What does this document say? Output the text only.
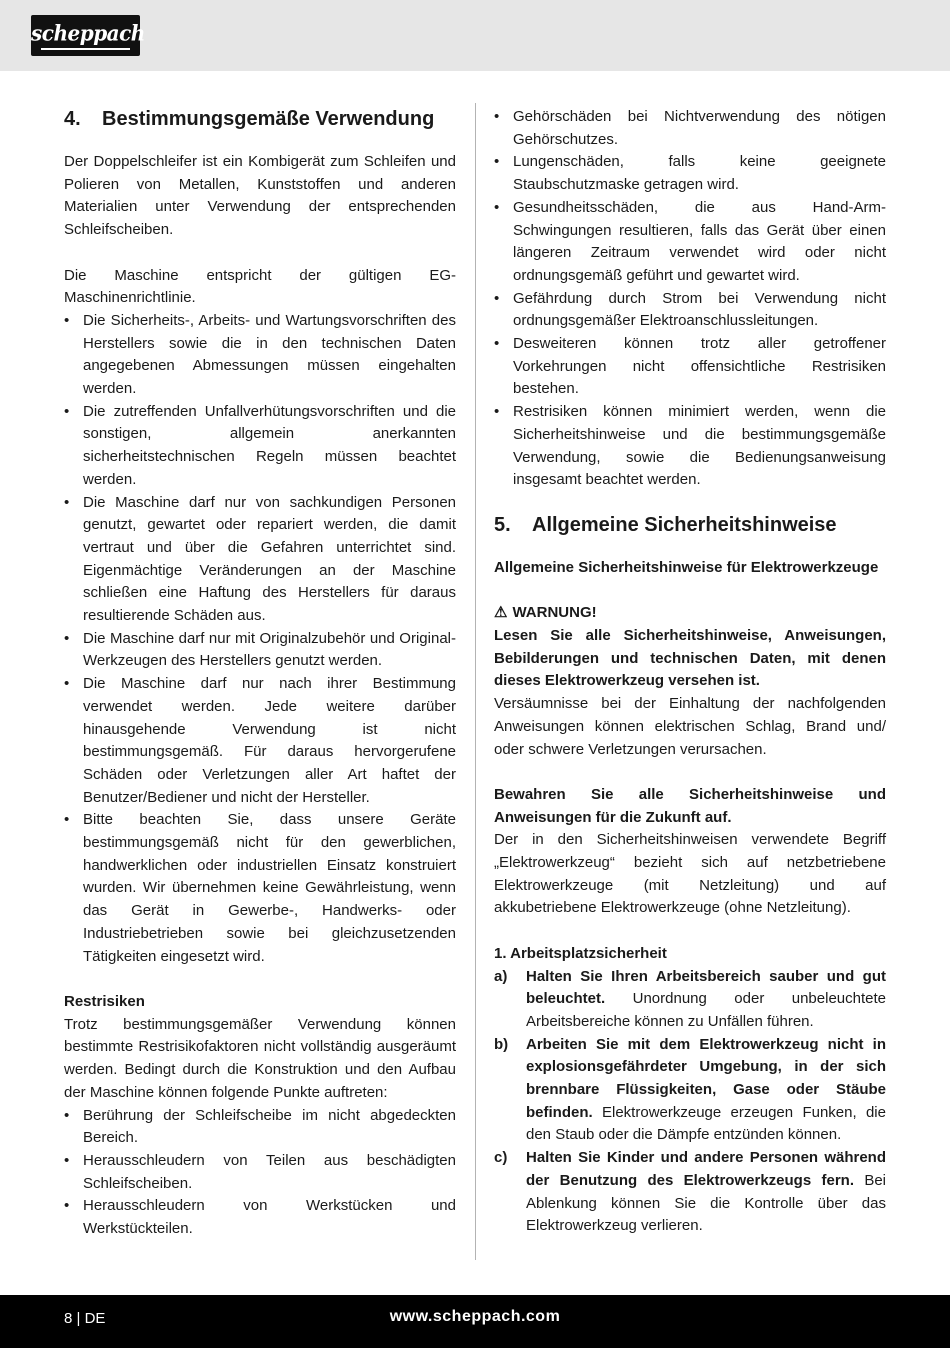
scheppach
4.	Bestimmungsgemäße Verwendung

Der Doppelschleifer ist ein Kombigerät zum Schleifen und Polieren von Metallen, Kunststoffen und anderen Materialien unter Verwendung der entsprechenden Schleifscheiben.

Die Maschine entspricht der gültigen EG-Maschinenrichtlinie.

• Die Sicherheits-, Arbeits- und Wartungsvorschriften des Herstellers sowie die in den technischen Daten angegebenen Abmessungen müssen eingehalten werden.
• Die zutreffenden Unfallverhütungsvorschriften und die sonstigen, allgemein anerkannten sicherheitstechnischen Regeln müssen beachtet werden.
• Die Maschine darf nur von sachkundigen Personen genutzt, gewartet oder repariert werden, die damit vertraut und über die Gefahren unterrichtet sind. Eigenmächtige Veränderungen an der Maschine schließen eine Haftung des Herstellers für daraus resultierende Schäden aus.
• Die Maschine darf nur mit Originalzubehör und Original- Werkzeugen des Herstellers genutzt werden.
• Die Maschine darf nur nach ihrer Bestimmung verwendet werden. Jede weitere darüber hinausgehende Verwendung ist nicht bestimmungsgemäß. Für daraus hervorgerufene Schäden oder Verletzungen aller Art haftet der Benutzer/Bediener und nicht der Hersteller.
• Bitte beachten Sie, dass unsere Geräte bestimmungsgemäß nicht für den gewerblichen, handwerklichen oder industriellen Einsatz konstruiert wurden. Wir übernehmen keine Gewährleistung, wenn das Gerät in Gewerbe-, Handwerks- oder Industriebetrieben sowie bei gleichzusetzenden Tätigkeiten eingesetzt wird.

Restrisiken

Trotz bestimmungsgemäßer Verwendung können bestimmte Restrisikofaktoren nicht vollständig ausgeräumt werden. Bedingt durch die Konstruktion und den Aufbau der Maschine können folgende Punkte auftreten:

• Berührung der Schleifscheibe im nicht abgedeckten Bereich.
• Herausschleudern von Teilen aus beschädigten Schleifscheiben.
• Herausschleudern von Werkstücken und Werkstückteilen.
• Gehörschäden bei Nichtverwendung des nötigen Gehörschutzes.
• Lungenschäden, falls keine geeignete Staubschutzmaske getragen wird.
• Gesundheitsschäden, die aus Hand-Arm- Schwingungen resultieren, falls das Gerät über einen längeren Zeitraum verwendet wird oder nicht ordnungsgemäß geführt und gewartet wird.
• Gefährdung durch Strom bei Verwendung nicht ordnungsgemäßer Elektroanschlussleitungen.
• Desweiteren können trotz aller getroffener Vorkehrungen nicht offensichtliche Restrisiken bestehen.
• Restrisiken können minimiert werden, wenn die Sicherheitshinweise und die bestimmungsgemäße Verwendung, sowie die Bedienungsanweisung insgesamt beachtet werden.
5.	Allgemeine Sicherheitshinweise

Allgemeine Sicherheitshinweise für Elektrowerkzeuge

⚠ WARNUNG!

Lesen Sie alle Sicherheitshinweise, Anweisungen, Bebilderungen und technischen Daten, mit denen dieses Elektrowerkzeug versehen ist.

Versäumnisse bei der Einhaltung der nachfolgenden Anweisungen können elektrischen Schlag, Brand und/ oder schwere Verletzungen verursachen.

Bewahren Sie alle Sicherheitshinweise und Anweisungen für die Zukunft auf.

Der in den Sicherheitshinweisen verwendete Begriff „Elektrowerkzeug“ bezieht sich auf netzbetriebene Elektrowerkzeuge (mit Netzleitung) und auf akkubetriebene Elektrowerkzeuge (ohne Netzleitung).

1. Arbeitsplatzsicherheit

a) Halten Sie Ihren Arbeitsbereich sauber und gut beleuchtet. Unordnung oder unbeleuchtete Arbeitsbereiche können zu Unfällen führen.
b) Arbeiten Sie mit dem Elektrowerkzeug nicht in explosionsgefährdeter Umgebung, in der sich brennbare Flüssigkeiten, Gase oder Stäube befinden. Elektrowerkzeuge erzeugen Funken, die den Staub oder die Dämpfe entzünden können.
c) Halten Sie Kinder und andere Personen während der Benutzung des Elektrowerkzeugs fern. Bei Ablenkung können Sie die Kontrolle über das Elektrowerkzeug verlieren.
8 | DE	www.scheppach.com
